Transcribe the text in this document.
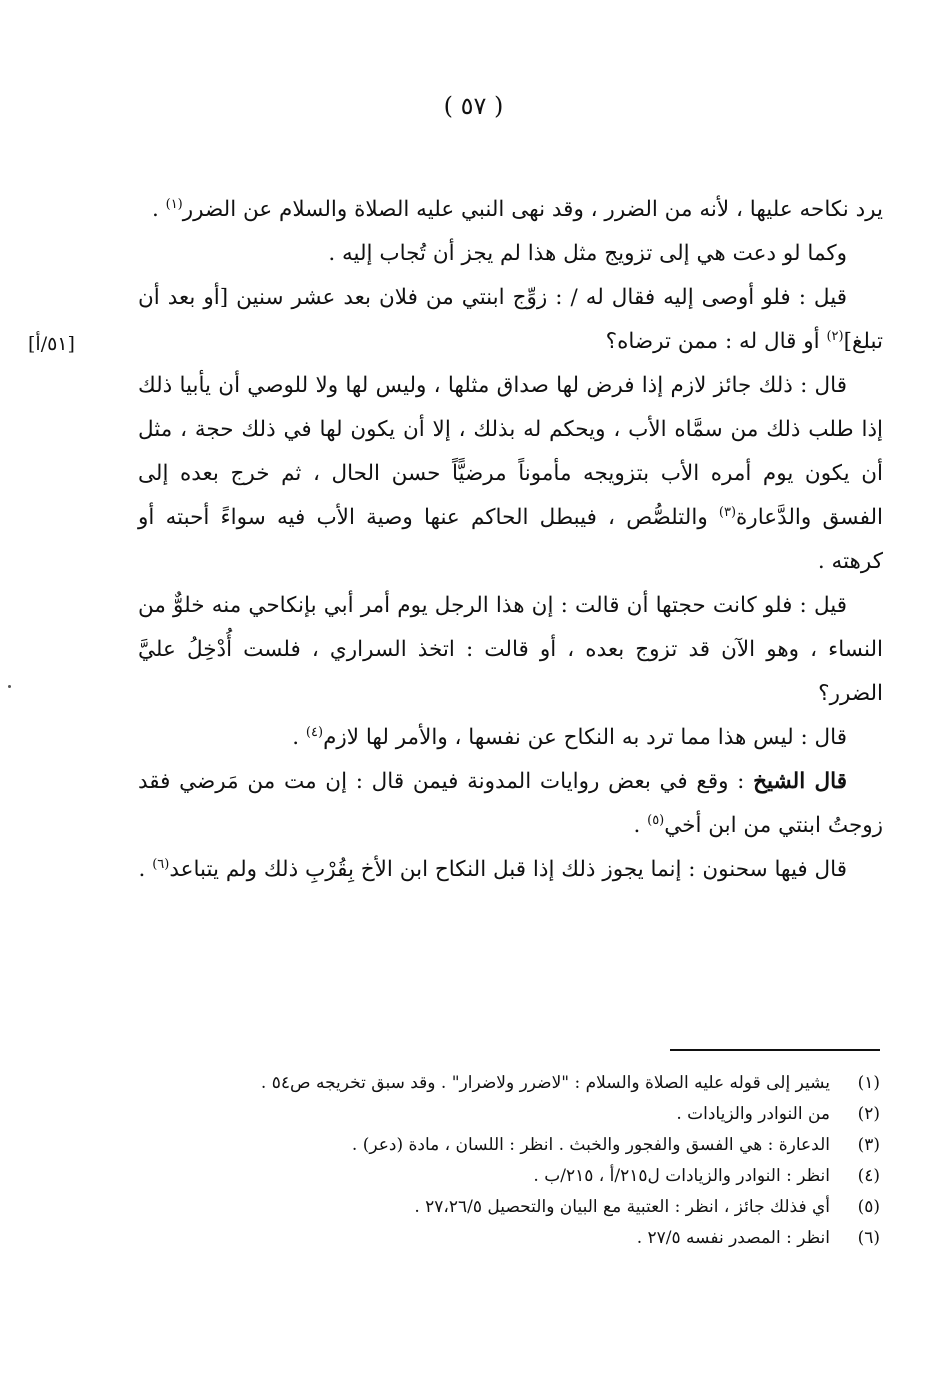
( ٥٧ )
[٥١/أ]

يرد نكاحه عليها ، لأنه من الضرر ، وقد نهى النبي عليه الصلاة والسلام عن الضرر$^{(١)}$ .

وكما لو دعت هي إلى تزويج مثل هذا لم يجز أن تُجاب إليه .

قيل : فلو أوصى إليه فقال له / : زوِّج ابنتي من فلان بعد عشر سنين [أو بعد أن تبلغ]$^{(٢)}$ أو قال له : ممن ترضاه؟

قال : ذلك جائز لازم إذا فرض لها صداق مثلها ، وليس لها ولا للوصي أن يأبيا ذلك إذا طلب ذلك من سمَّاه الأب ، ويحكم له بذلك ، إلا أن يكون لها في ذلك حجة ، مثل أن يكون يوم أمره الأب بتزويجه مأموناً مرضيًّاً حسن الحال ، ثم خرج بعده إلى الفسق والدَّعارة$^{(٣)}$ والتلصُّص ، فيبطل الحاكم عنها وصية الأب فيه سواءً أحبته أو كرهته .

قيل : فلو كانت حجتها أن قالت : إن هذا الرجل يوم أمر أبي بإنكاحي منه خلوٌّ من النساء ، وهو الآن قد تزوج بعده ، أو قالت : اتخذ السراري ، فلست أُدْخِلُ عليَّ الضرر؟

قال : ليس هذا مما ترد به النكاح عن نفسها ، والأمر لها لازم$^{(٤)}$ .

قال الشيخ : وقع في بعض روايات المدونة فيمن قال : إن مت من مَرضي فقد زوجتُ ابنتي من ابن أخي$^{(٥)}$ .

قال فيها سحنون : إنما يجوز ذلك إذا قبل النكاح ابن الأخ بِقُرْبِ ذلك ولم يتباعد$^{(٦)}$ .

(١)
يشير إلى قوله عليه الصلاة والسلام : "لاضرر ولاضرار" . وقد سبق تخريجه ص٥٤ .
(٢)
من النوادر والزيادات .
(٣)
الدعارة : هي الفسق والفجور والخبث . انظر : اللسان ، مادة (دعر) .
(٤)
انظر : النوادر والزيادات ل٢١٥/أ ، ٢١٥/ب .
(٥)
أي فذلك جائز ، انظر : العتبية مع البيان والتحصيل ٢٧،٢٦/٥ .
(٦)
انظر : المصدر نفسه ٢٧/٥ .
